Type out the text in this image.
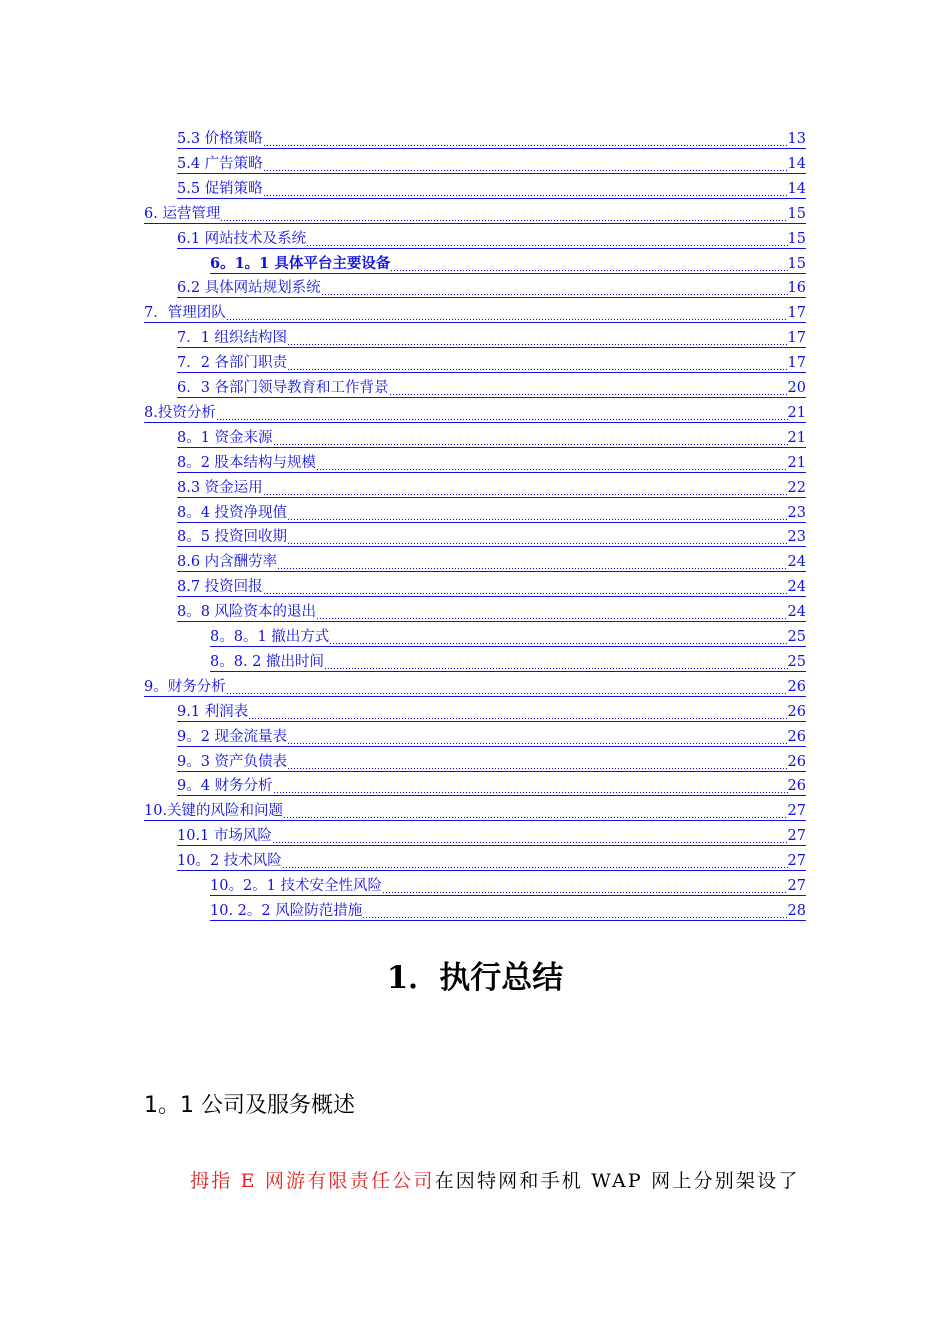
5.3 价格策略	13
5.4 广告策略	14
5.5 促销策略	14
6. 运营管理	15
6.1 网站技术及系统	15
6。1。1 具体平台主要设备	15
6.2 具体网站规划系统	16
7．管理团队	17
7．1 组织结构图	17
7．2 各部门职责	17
6．3 各部门领导教育和工作背景	20
8.投资分析	21
8。1 资金来源	21
8。2 股本结构与规模	21
8.3 资金运用	22
8。4 投资净现值	23
8。5 投资回收期	23
8.6 内含酬劳率	24
8.7 投资回报	24
8。8 风险资本的退出	24
8。8。1 撤出方式	25
8。8. 2 撤出时间	25
9。财务分析	26
9.1 利润表	26
9。2 现金流量表	26
9。3 资产负债表	26
9。4 财务分析	26
10.关键的风险和问题	27
10.1 市场风险	27
10。2 技术风险	27
10。2。1 技术安全性风险	27
10. 2。2 风险防范措施	28
1．执行总结
1。1 公司及服务概述
拇指 E 网游有限责任公司在因特网和手机 WAP 网上分别架设了
